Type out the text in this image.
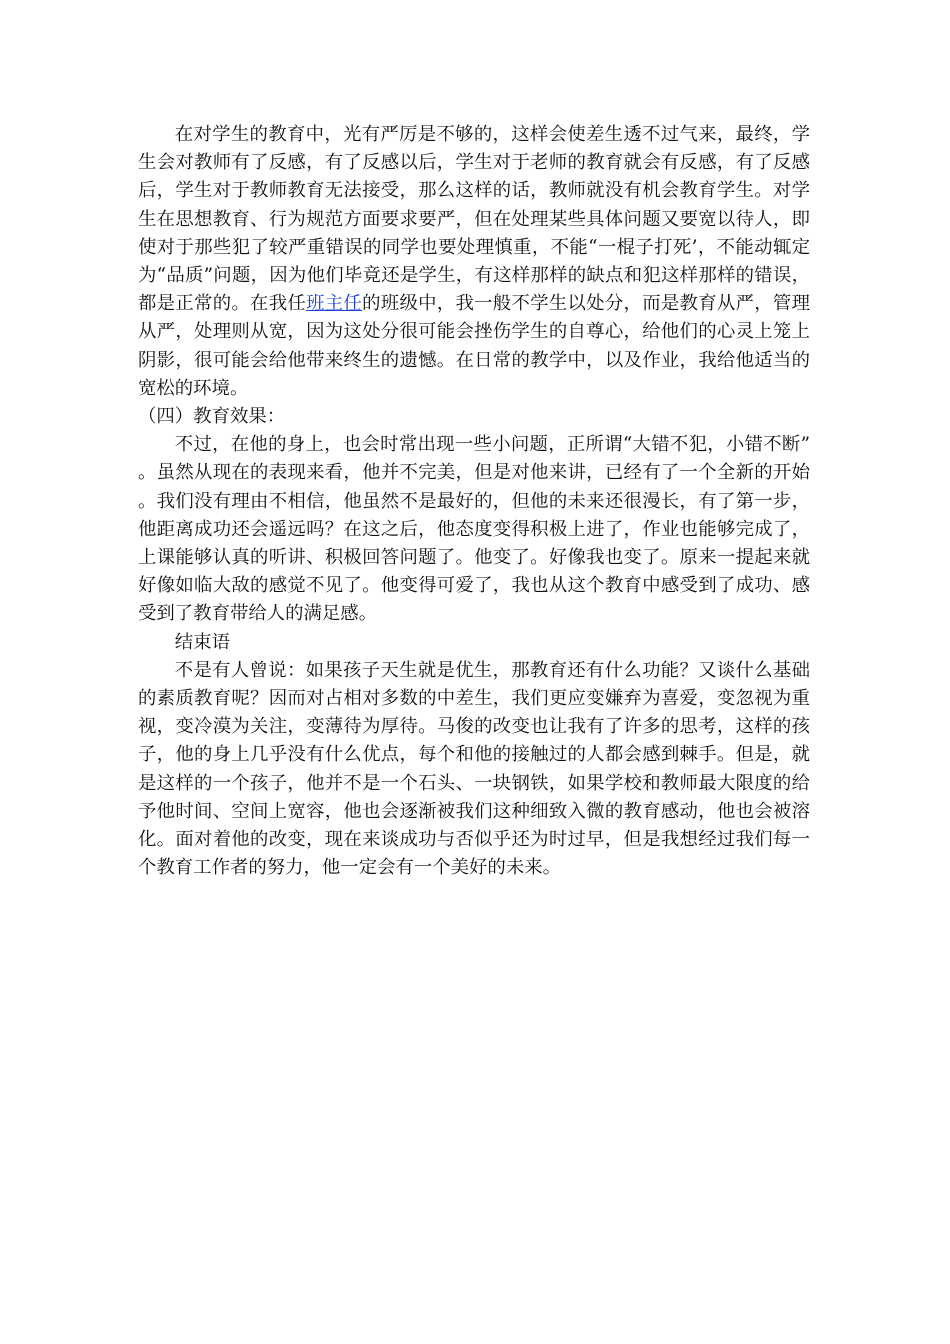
在对学生的教育中，光有严厉是不够的，这样会使差生透不过气来，最终，学生会对教师有了反感，有了反感以后，学生对于老师的教育就会有反感，有了反感后，学生对于教师教育无法接受，那么这样的话，教师就没有机会教育学生。对学生在思想教育、行为规范方面要求要严，但在处理某些具体问题又要宽以待人，即使对于那些犯了较严重错误的同学也要处理慎重，不能“一棍子打死’，不能动辄定为“品质”问题，因为他们毕竟还是学生，有这样那样的缺点和犯这样那样的错误，都是正常的。在我任班主任的班级中，我一般不学生以处分，而是教育从严，管理从严，处理则从宽，因为这处分很可能会挫伤学生的自尊心，给他们的心灵上笼上阴影，很可能会给他带来终生的遗憾。在日常的教学中，以及作业，我给他适当的宽松的环境。

（四）教育效果：

不过，在他的身上，也会时常出现一些小问题，正所谓“大错不犯，小错不断”。虽然从现在的表现来看，他并不完美，但是对他来讲，已经有了一个全新的开始。我们没有理由不相信，他虽然不是最好的，但他的未来还很漫长，有了第一步，他距离成功还会遥远吗？在这之后，他态度变得积极上进了，作业也能够完成了，上课能够认真的听讲、积极回答问题了。他变了。好像我也变了。原来一提起来就好像如临大敌的感觉不见了。他变得可爱了，我也从这个教育中感受到了成功、感受到了教育带给人的满足感。

结束语

不是有人曾说：如果孩子天生就是优生，那教育还有什么功能？又谈什么基础的素质教育呢？因而对占相对多数的中差生，我们更应变嫌弃为喜爱，变忽视为重视，变冷漠为关注，变薄待为厚待。马俊的改变也让我有了许多的思考，这样的孩子，他的身上几乎没有什么优点，每个和他的接触过的人都会感到棘手。但是，就是这样的一个孩子，他并不是一个石头、一块钢铁，如果学校和教师最大限度的给予他时间、空间上宽容，他也会逐渐被我们这种细致入微的教育感动，他也会被溶化。面对着他的改变，现在来谈成功与否似乎还为时过早，但是我想经过我们每一个教育工作者的努力，他一定会有一个美好的未来。
